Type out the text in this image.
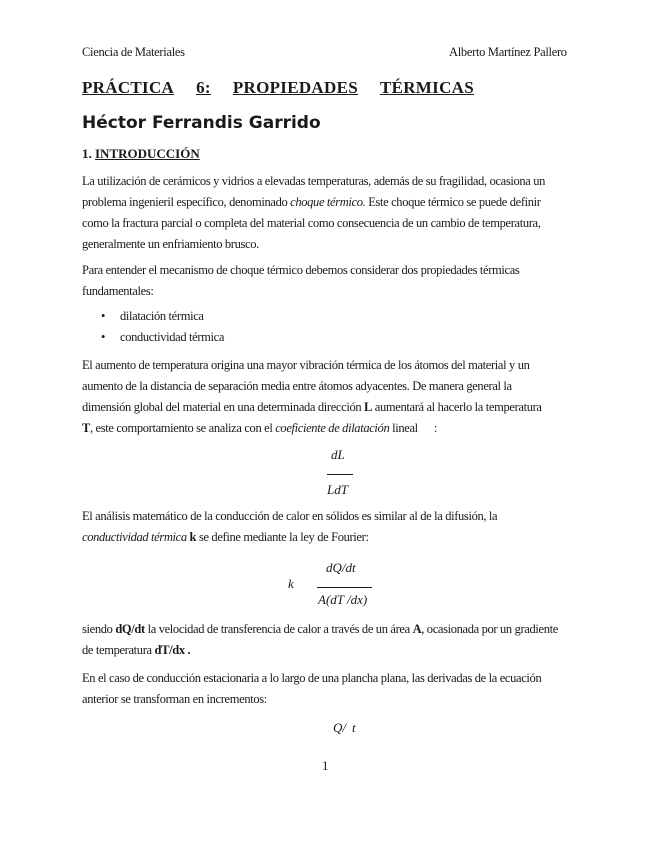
Ciencia de Materiales	Alberto Martínez Pallero
PRÁCTICA 6: PROPIEDADES TÉRMICAS
Héctor Ferrandis Garrido
1. INTRODUCCIÓN
La utilización de cerámicos y vidrios a elevadas temperaturas, además de su fragilidad, ocasiona un
problema ingenieril específico, denominado choque térmico. Este choque térmico se puede definir
como la fractura parcial o completa del material como consecuencia de un cambio de temperatura,
generalmente un enfriamiento brusco.
Para entender el mecanismo de choque térmico debemos considerar dos propiedades térmicas
fundamentales:
• dilatación térmica
• conductividad térmica
El aumento de temperatura origina una mayor vibración térmica de los átomos del material y un
aumento de la distancia de separación media entre átomos adyacentes. De manera general la
dimensión global del material en una determinada dirección L aumentará al hacerlo la temperatura
T, este comportamiento se analiza con el coeficiente de dilatación lineal :
dL
LdT
El análisis matemático de la conducción de calor en sólidos es similar al de la difusión, la
conductividad térmica k se define mediante la ley de Fourier:
k
dQ/dt
A(dT /dx)
siendo dQ/dt la velocidad de transferencia de calor a través de un área A, ocasionada por un gradiente
de temperatura dT/dx .
En el caso de conducción estacionaria a lo largo de una plancha plana, las derivadas de la ecuación
anterior se transforman en incrementos:
Q/ t
1
